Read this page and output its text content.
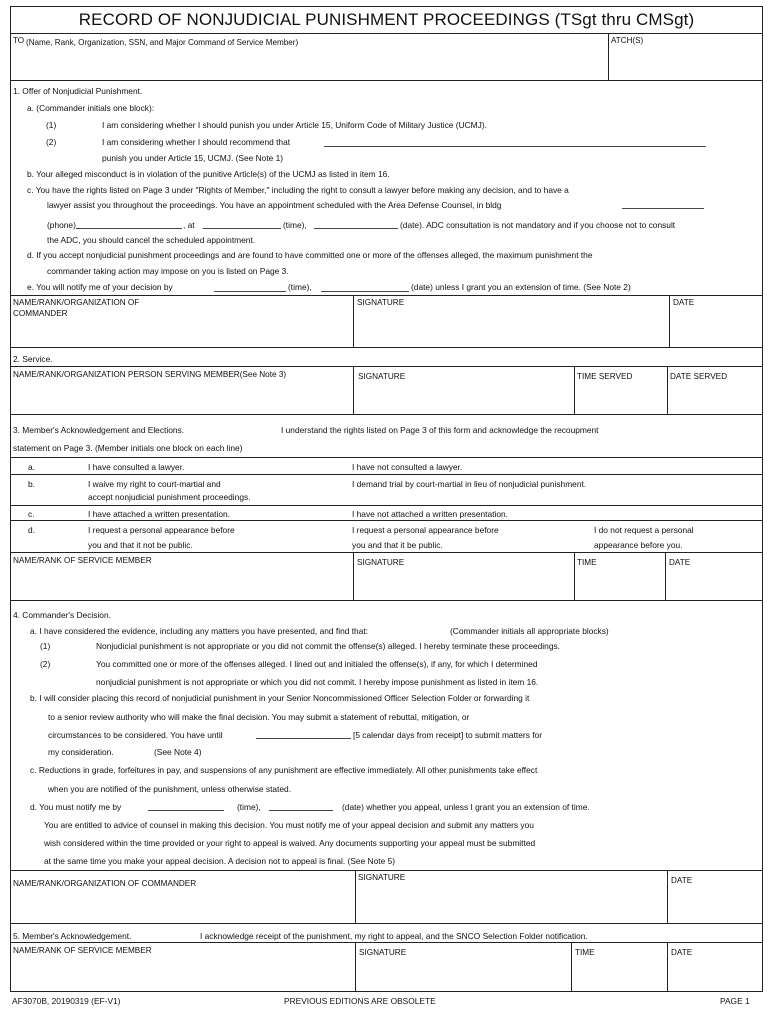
RECORD OF NONJUDICIAL PUNISHMENT PROCEEDINGS (TSgt thru CMSgt)
TO (Name, Rank, Organization, SSN, and Major Command of Service Member)	ATCH(S)
1. Offer of Nonjudicial Punishment.
a. (Commander initials one block):
(1)	I am considering whether I should punish you under Article 15, Uniform Code of Military Justice (UCMJ).
(2)	I am considering whether I should recommend that
punish you under Article 15, UCMJ. (See Note 1)
b. Your alleged misconduct is in violation of the punitive Article(s) of the UCMJ as listed in item 16.
c. You have the rights listed on Page 3 under "Rights of Member," including the right to consult a lawyer before making any decision, and to have a
lawyer assist you throughout the proceedings. You have an appointment scheduled with the Area Defense Counsel, in bldg
(phone)	, at	(time),	(date). ADC consultation is not mandatory and if you choose not to consult
the ADC, you should cancel the scheduled appointment.
d. If you accept nonjudicial punishment proceedings and are found to have committed one or more of the offenses alleged, the maximum punishment the
commander taking action may impose on you is listed on Page 3.
e. You will notify me of your decision by	(time),	(date) unless I grant you an extension of time. (See Note 2)
NAME/RANK/ORGANIZATION OF
COMMANDER
SIGNATURE	DATE
2. Service.
NAME/RANK/ORGANIZATION PERSON SERVING MEMBER(See Note 3)	SIGNATURE	TIME SERVED	DATE SERVED
3. Member's Acknowledgement and Elections.	I understand the rights listed on Page 3 of this form and acknowledge the recoupment
statement on Page 3. (Member initials one block on each line)
a.	I have consulted a lawyer.	I have not consulted a lawyer.
b.	I waive my right to court-martial and
accept nonjudicial punishment proceedings.
I demand trial by court-martial in lieu of nonjudicial punishment.
c.	I have attached a written presentation.	I have not attached a written presentation.
d.	I request a personal appearance before
you and that it not be public.
I request a personal appearance before
you and that it be public.
I do not request a personal
appearance before you.
NAME/RANK OF SERVICE MEMBER	SIGNATURE	TIME	DATE
4. Commander's Decision.
a. I have considered the evidence, including any matters you have presented, and find that:	(Commander initials all appropriate blocks)
(1)	Nonjudicial punishment is not appropriate or you did not commit the offense(s) alleged. I hereby terminate these proceedings.
(2)	You committed one or more of the offenses alleged. I lined out and initialed the offense(s), if any, for which I determined
nonjudicial punishment is not appropriate or which you did not commit. I hereby impose punishment as listed in item 16.
b. I will consider placing this record of nonjudicial punishment in your Senior Noncommissioned Officer Selection Folder or forwarding it
to a senior review authority who will make the final decision. You may submit a statement of rebuttal, mitigation, or
circumstances to be considered. You have until	[5 calendar days from receipt] to submit matters for
my consideration.	(See Note 4)
c. Reductions in grade, forfeitures in pay, and suspensions of any punishment are effective immediately. All other punishments take effect
when you are notified of the punishment, unless otherwise stated.
d. You must notify me by	(time),	(date) whether you appeal, unless I grant you an extension of time.
You are entitled to advice of counsel in making this decision. You must notify me of your appeal decision and submit any matters you
wish considered within the time provided or your right to appeal is waived. Any documents supporting your appeal must be submitted
at the same time you make your appeal decision. A decision not to appeal is final. (See Note 5)
NAME/RANK/ORGANIZATION OF COMMANDER
SIGNATURE	DATE
5. Member's Acknowledgement.	I acknowledge receipt of the punishment, my right to appeal, and the SNCO Selection Folder notification.
NAME/RANK OF SERVICE MEMBER	SIGNATURE	TIME	DATE
AF3070B, 20190319 (EF-V1)	PREVIOUS EDITIONS ARE OBSOLETE	PAGE 1
